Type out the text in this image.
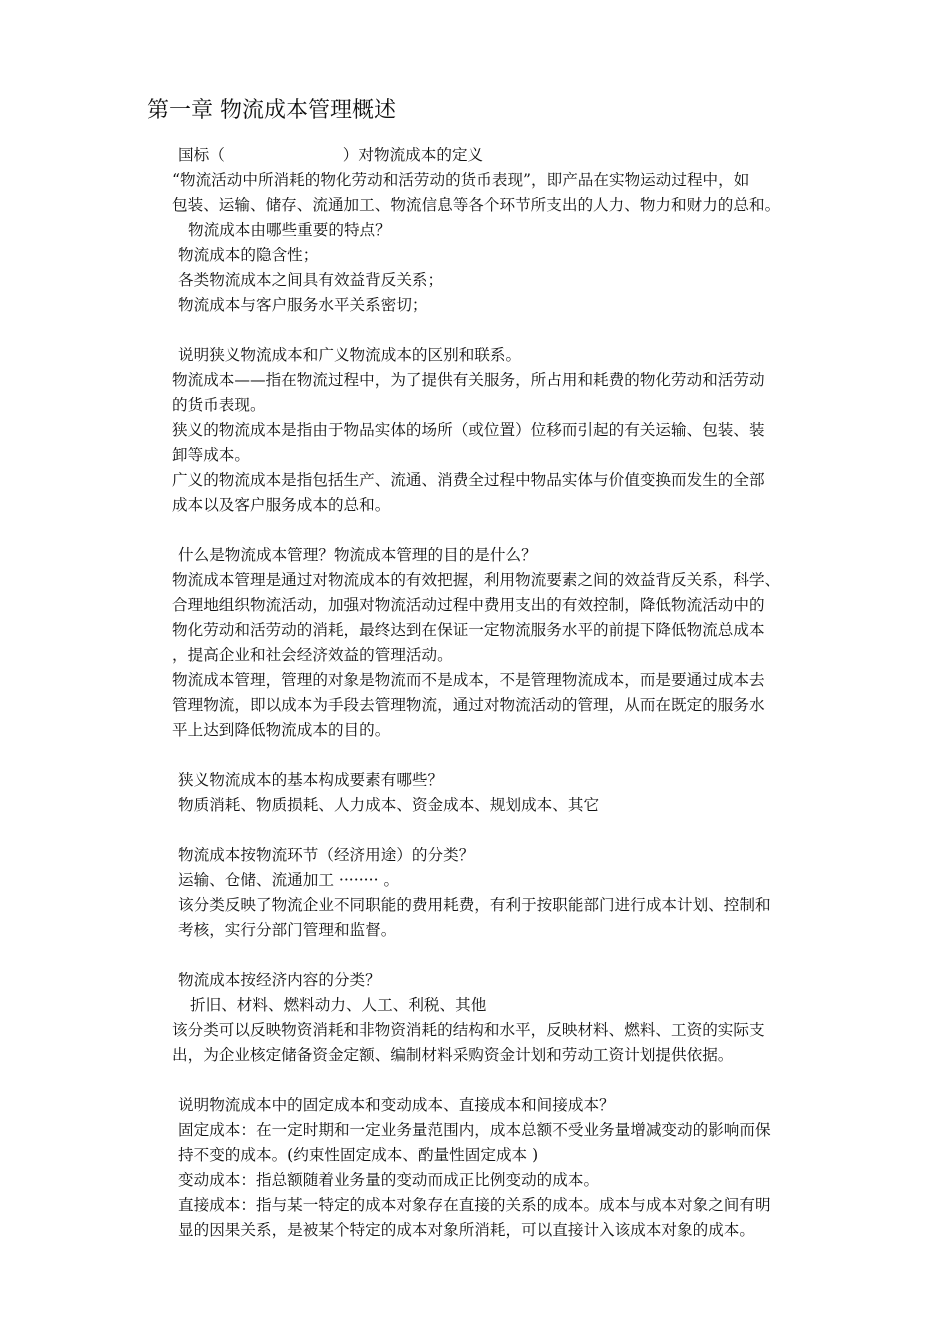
第一章 物流成本管理概述
国标（	）对物流成本的定义
“物流活动中所消耗的物化劳动和活劳动的货币表现”，即产品在实物运动过程中，如
包装、运输、储存、流通加工、物流信息等各个环节所支出的人力、物力和财力的总和。
物流成本由哪些重要的特点？
物流成本的隐含性；
各类物流成本之间具有效益背反关系；
物流成本与客户服务水平关系密切；
说明狭义物流成本和广义物流成本的区别和联系。
物流成本——指在物流过程中，为了提供有关服务，所占用和耗费的物化劳动和活劳动
的货币表现。
狭义的物流成本是指由于物品实体的场所（或位置）位移而引起的有关运输、包装、装
卸等成本。
广义的物流成本是指包括生产、流通、消费全过程中物品实体与价值变换而发生的全部
成本以及客户服务成本的总和。
什么是物流成本管理？物流成本管理的目的是什么？
物流成本管理是通过对物流成本的有效把握，利用物流要素之间的效益背反关系，科学、
合理地组织物流活动，加强对物流活动过程中费用支出的有效控制，降低物流活动中的
物化劳动和活劳动的消耗，最终达到在保证一定物流服务水平的前提下降低物流总成本
，提高企业和社会经济效益的管理活动。
物流成本管理，管理的对象是物流而不是成本，不是管理物流成本，而是要通过成本去
管理物流，即以成本为手段去管理物流，通过对物流活动的管理，从而在既定的服务水
平上达到降低物流成本的目的。
狭义物流成本的基本构成要素有哪些？
物质消耗、物质损耗、人力成本、资金成本、规划成本、其它
物流成本按物流环节（经济用途）的分类？
运输、仓储、流通加工 ········ 。
该分类反映了物流企业不同职能的费用耗费，有利于按职能部门进行成本计划、控制和
考核，实行分部门管理和监督。
物流成本按经济内容的分类？
折旧、材料、燃料动力、人工、利税、其他
该分类可以反映物资消耗和非物资消耗的结构和水平，反映材料、燃料、工资的实际支
出，为企业核定储备资金定额、编制材料采购资金计划和劳动工资计划提供依据。
说明物流成本中的固定成本和变动成本、直接成本和间接成本？
固定成本：在一定时期和一定业务量范围内，成本总额不受业务量增减变动的影响而保
持不变的成本。(约束性固定成本、酌量性固定成本 )
变动成本：指总额随着业务量的变动而成正比例变动的成本。
直接成本：指与某一特定的成本对象存在直接的关系的成本。成本与成本对象之间有明
显的因果关系，是被某个特定的成本对象所消耗，可以直接计入该成本对象的成本。
